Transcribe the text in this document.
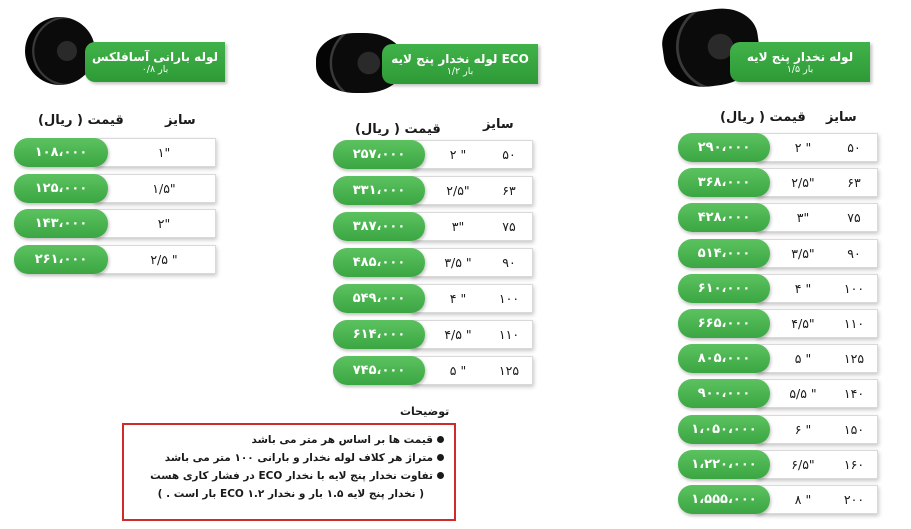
لوله نخدار پنج لایه
۱/۵ بار
قیمت ( ریال) سایز
۲۹۰،۰۰۰	۲ "	۵۰
۳۶۸،۰۰۰	۲/۵"	۶۳
۴۲۸،۰۰۰	۳"	۷۵
۵۱۴،۰۰۰	۳/۵"	۹۰
۶۱۰،۰۰۰	۴ "	۱۰۰
۶۶۵،۰۰۰	۴/۵"	۱۱۰
۸۰۵،۰۰۰	۵ "	۱۲۵
۹۰۰،۰۰۰	۵/۵ "	۱۴۰
۱،۰۵۰،۰۰۰	۶ "	۱۵۰
۱،۲۲۰،۰۰۰	۶/۵"	۱۶۰
۱،۵۵۵،۰۰۰	۸ "	۲۰۰
لوله نخدار پنج لایه ECO
۱/۲ بار
قیمت ( ریال)	سایز
۲۵۷،۰۰۰	۲ "	۵۰
۳۳۱،۰۰۰	۲/۵"	۶۳
۳۸۷،۰۰۰	۳"	۷۵
۴۸۵،۰۰۰	۳/۵ "	۹۰
۵۴۹،۰۰۰	۴ "	۱۰۰
۶۱۴،۰۰۰	۴/۵ "	۱۱۰
۷۴۵،۰۰۰	۵ "	۱۲۵
لوله بارانی آسافلکس
۰/۸ بار
قیمت ( ریال)	سایز
۱۰۸،۰۰۰	۱"
۱۲۵،۰۰۰	۱/۵"
۱۴۳،۰۰۰	۲"
۲۶۱،۰۰۰	۲/۵ "
توضیحات
قیمت ها بر اساس هر متر می باشد
متراژ هر کلاف لوله نخدار و بارانی ۱۰۰ متر می باشد
تفاوت نخدار پنج لایه با نخدار ECO در فشار کاری هست
( نخدار پنج لایه ۱.۵ بار و نخدار ECO ۱.۲ بار است . )
